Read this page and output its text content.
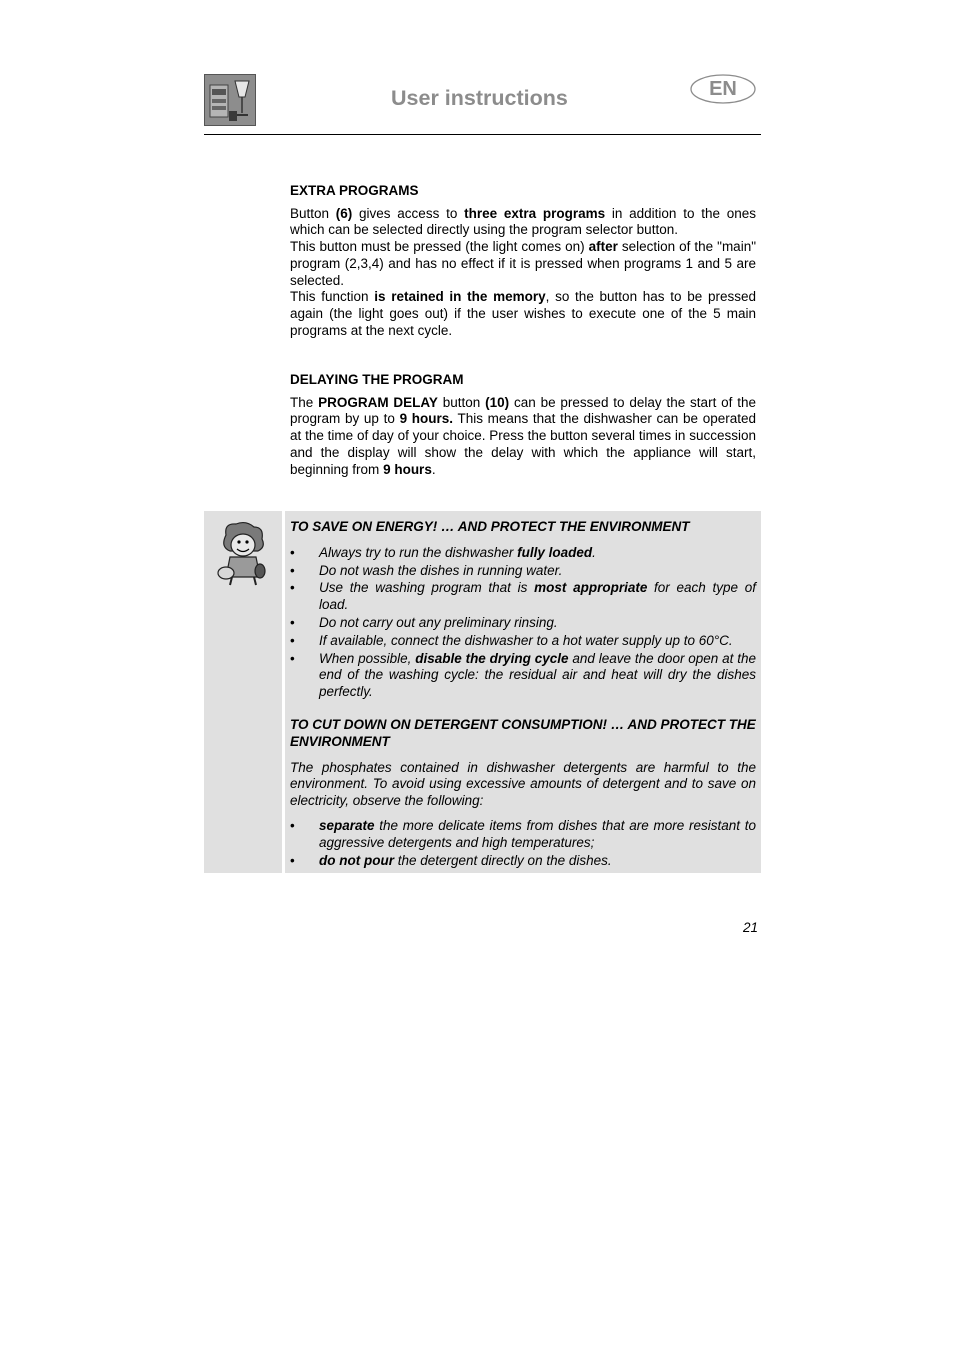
User instructions	EN
EXTRA PROGRAMS

Button (6) gives access to three extra programs in addition to the ones which can be selected directly using the program selector button.

This button must be pressed (the light comes on) after selection of the "main" program (2,3,4) and has no effect if it is pressed when programs 1 and 5 are selected.

This function is retained in the memory, so the button has to be pressed again (the light goes out) if the user wishes to execute one of the 5 main programs at the next cycle.

DELAYING THE PROGRAM

The PROGRAM DELAY button (10) can be pressed to delay the start of the program by up to 9 hours. This means that the dishwasher can be operated at the time of day of your choice. Press the button several times in succession and the display will show the delay with which the appliance will start, beginning from 9 hours.

TO SAVE ON ENERGY! … AND PROTECT THE ENVIRONMENT
• Always try to run the dishwasher fully loaded.
• Do not wash the dishes in running water.
• Use the washing program that is most appropriate for each type of load.
• Do not carry out any preliminary rinsing.
• If available, connect the dishwasher to a hot water supply up to 60°C.
• When possible, disable the drying cycle and leave the door open at the end of the washing cycle: the residual air and heat will dry the dishes perfectly.
TO CUT DOWN ON DETERGENT CONSUMPTION! … AND PROTECT THE ENVIRONMENT

The phosphates contained in dishwasher detergents are harmful to the environment. To avoid using excessive amounts of detergent and to save on electricity, observe the following:

• separate the more delicate items from dishes that are more resistant to aggressive detergents and high temperatures;
• do not pour the detergent directly on the dishes.
21
